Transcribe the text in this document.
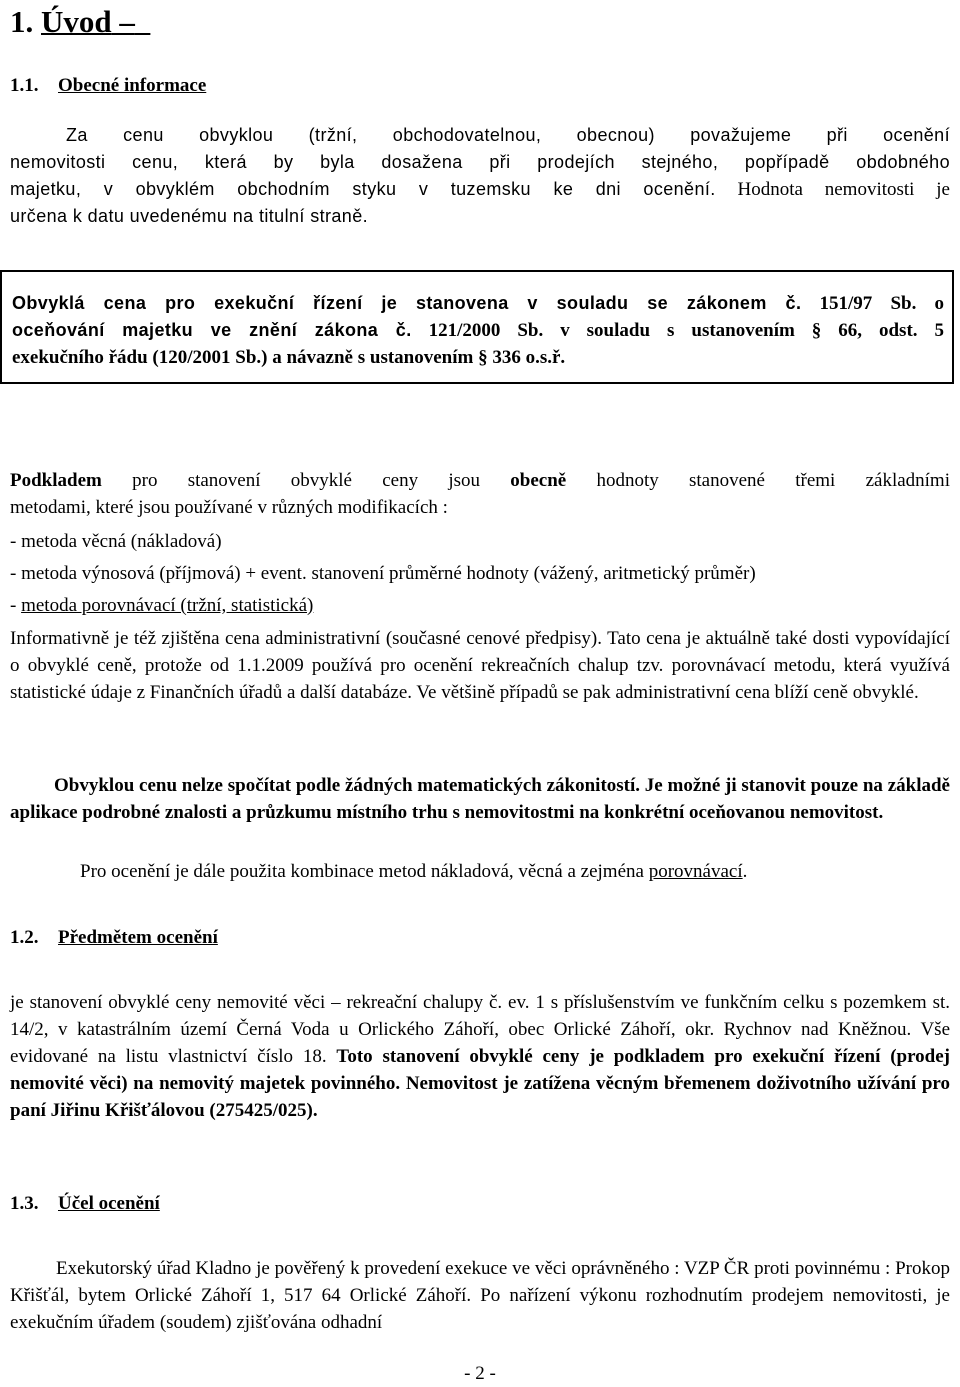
1. Úvod –
1.1. Obecné informace
Za cenu obvyklou (tržní, obchodovatelnou, obecnou) považujeme při ocenění
nemovitosti cenu, která by byla dosažena při prodejích stejného, popřípadě obdobného
majetku, v obvyklém obchodním styku v tuzemsku ke dni ocenění. Hodnota nemovitosti je
určena k datu uvedenému na titulní straně.

Obvyklá cena pro exekuční řízení je stanovena v souladu se zákonem č. 151/97 Sb. o

oceňování majetku ve znění zákona č. 121/2000 Sb. v souladu s ustanovením § 66, odst. 5

exekučního řádu (120/2001 Sb.) a návazně s ustanovením § 336 o.s.ř.

Podkladem pro stanovení obvyklé ceny jsou obecně hodnoty stanovené třemi základními

metodami, které jsou používané v různých modifikacích :

- metoda věcná (nákladová)
- metoda výnosová (příjmová) + event. stanovení průměrné hodnoty (vážený, aritmetický průměr)
- metoda porovnávací (tržní, statistická)
Informativně je též zjištěna cena administrativní (současné cenové předpisy). Tato cena je aktuálně také dosti vypovídající o obvyklé ceně, protože od 1.1.2009 používá pro ocenění rekreačních chalup tzv. porovnávací metodu, která využívá statistické údaje z Finančních úřadů a další databáze. Ve většině případů se pak administrativní cena blíží ceně obvyklé.
Obvyklou cenu nelze spočítat podle žádných matematických zákonitostí. Je možné ji stanovit pouze na základě aplikace podrobné znalosti a průzkumu místního trhu s nemovitostmi na konkrétní oceňovanou nemovitost.
Pro ocenění je dále použita kombinace metod nákladová, věcná a zejména porovnávací.
1.2. Předmětem ocenění
je stanovení obvyklé ceny nemovité věci – rekreační chalupy č. ev. 1 s příslušenstvím ve funkčním celku s pozemkem st. 14/2, v katastrálním území Černá Voda u Orlického Záhoří, obec Orlické Záhoří, okr. Rychnov nad Kněžnou. Vše evidované na listu vlastnictví číslo 18. Toto stanovení obvyklé ceny je podkladem pro exekuční řízení (prodej nemovité věci) na nemovitý majetek povinného. Nemovitost je zatížena věcným břemenem doživotního užívání pro paní Jiřinu Křišťálovou (275425/025).
1.3. Účel ocenění
Exekutorský úřad Kladno je pověřený k provedení exekuce ve věci oprávněného : VZP ČR proti povinnému : Prokop Křišťál, bytem Orlické Záhoří 1, 517 64 Orlické Záhoří. Po nařízení výkonu rozhodnutím prodejem nemovitosti, je exekučním úřadem (soudem) zjišťována odhadní
- 2 -
